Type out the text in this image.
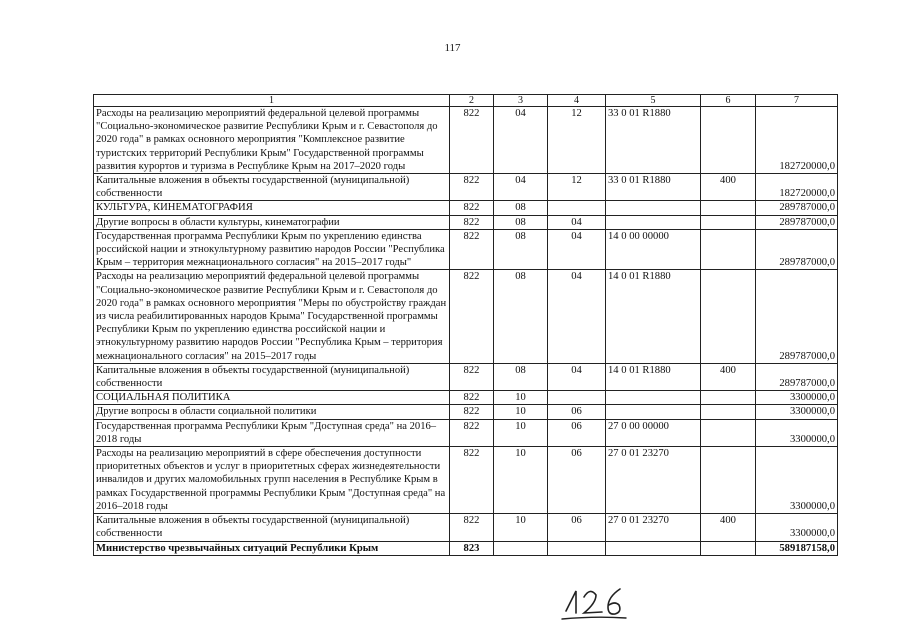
117
1	2	3	4	5	6	7
Расходы на реализацию мероприятий федеральной целевой программы "Социально-экономическое развитие Республики Крым и г. Севастополя до 2020 года" в рамках основного мероприятия "Комплексное развитие туристских территорий Республики Крым" Государственной программы развития курортов и туризма в Республике Крым на 2017–2020 годы	822	04	12	33 0 01 R1880		182720000,0
Капитальные вложения в объекты государственной (муниципальной) собственности	822	04	12	33 0 01 R1880	400	182720000,0
КУЛЬТУРА, КИНЕМАТОГРАФИЯ	822	08				289787000,0
Другие вопросы в области культуры, кинематографии	822	08	04			289787000,0
Государственная программа Республики Крым по укреплению единства российской нации и этнокультурному развитию народов России "Республика Крым – территория межнационального согласия" на 2015–2017 годы"	822	08	04	14 0 00 00000		289787000,0
Расходы на реализацию мероприятий федеральной целевой программы "Социально-экономическое развитие Республики Крым и г. Севастополя до 2020 года" в рамках основного мероприятия "Меры по обустройству граждан из числа реабилитированных народов Крыма" Государственной программы Республики Крым по укреплению единства российской нации и этнокультурному развитию народов России "Республика Крым – территория межнационального согласия" на 2015–2017 годы	822	08	04	14 0 01 R1880		289787000,0
Капитальные вложения в объекты государственной (муниципальной) собственности	822	08	04	14 0 01 R1880	400	289787000,0
СОЦИАЛЬНАЯ ПОЛИТИКА	822	10				3300000,0
Другие вопросы в области социальной политики	822	10	06			3300000,0
Государственная программа Республики Крым "Доступная среда" на 2016–2018 годы	822	10	06	27 0 00 00000		3300000,0
Расходы на реализацию мероприятий в сфере обеспечения доступности приоритетных объектов и услуг в приоритетных сферах жизнедеятельности инвалидов и других маломобильных групп населения в Республике Крым в рамках Государственной программы Республики Крым "Доступная среда" на 2016–2018 годы	822	10	06	27 0 01 23270		3300000,0
Капитальные вложения в объекты государственной (муниципальной) собственности	822	10	06	27 0 01 23270	400	3300000,0
Министерство чрезвычайных ситуаций Республики Крым	823					589187158,0
